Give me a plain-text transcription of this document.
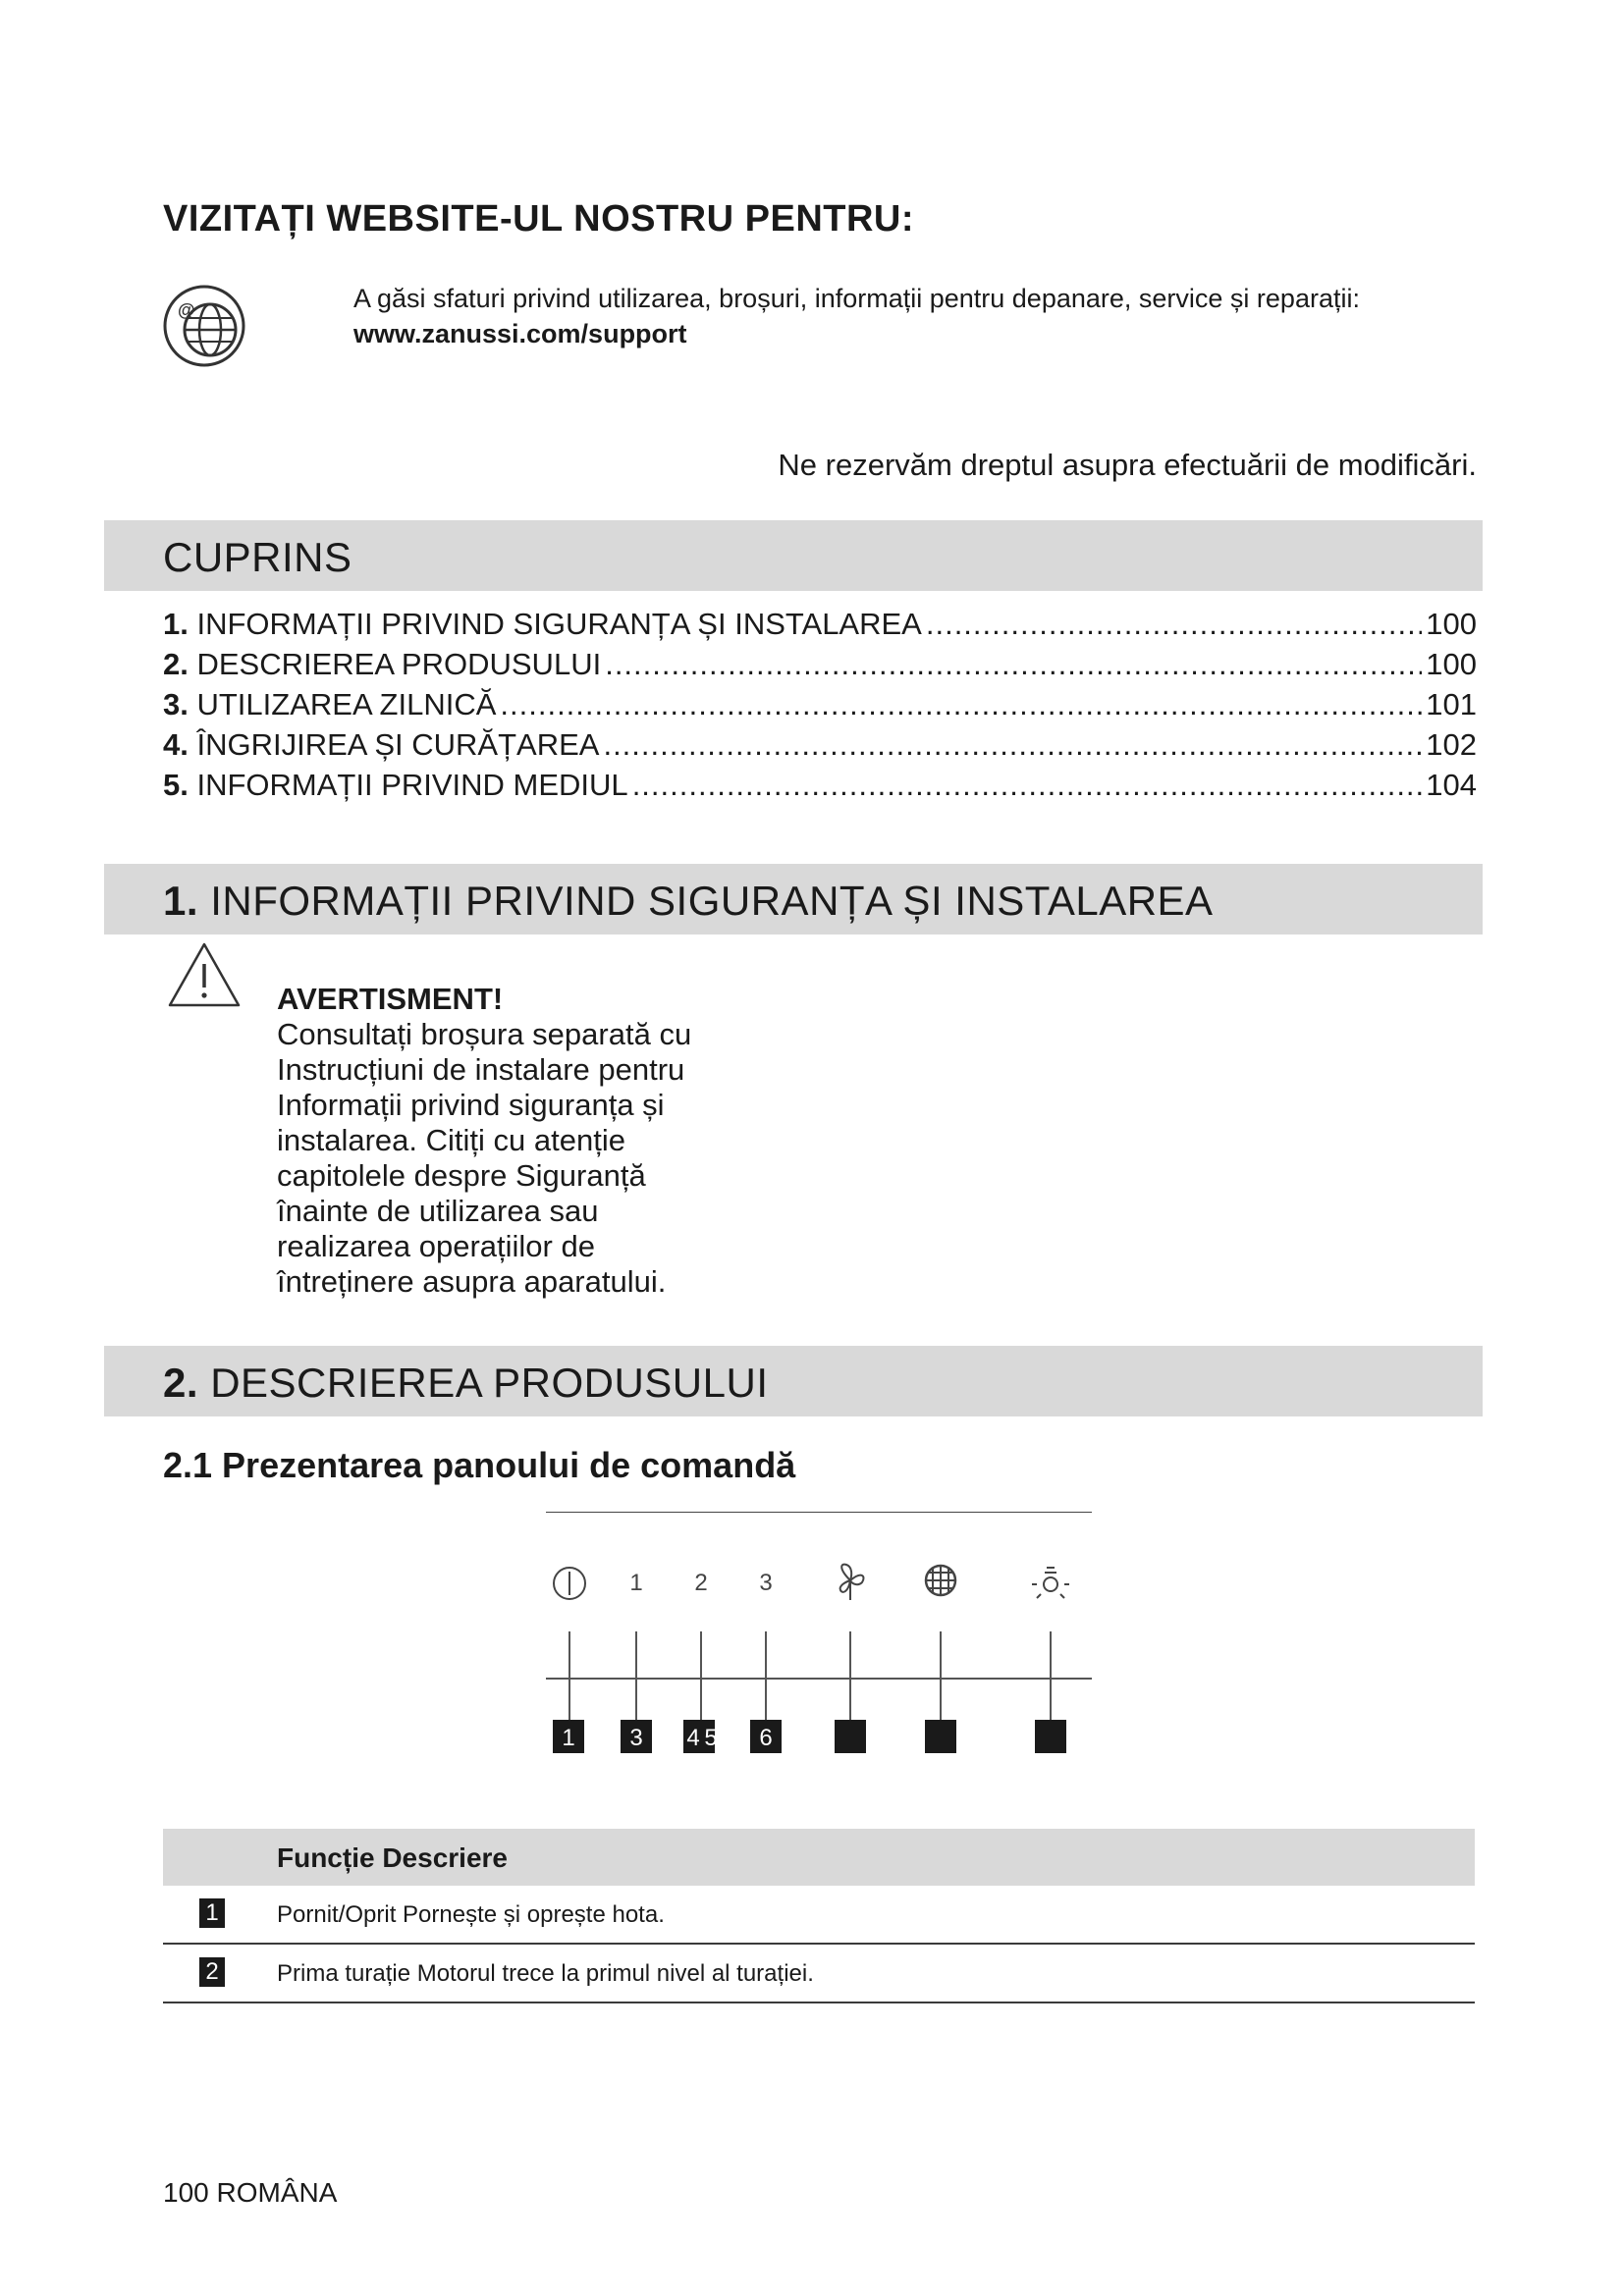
VIZITAȚI WEBSITE-UL NOSTRU PENTRU:
@	A găsi sfaturi privind utilizarea, broșuri, informații pentru depanare, service și reparații:
www.zanussi.com/support
Ne rezervăm dreptul asupra efectuării de modificări.
CUPRINS
1.
INFORMAȚII PRIVIND SIGURANȚA ȘI INSTALAREA .....	100
2.
DESCRIEREA PRODUSULUI .....	100
3.
UTILIZAREA ZILNICĂ .....	101
4.
ÎNGRIJIREA ȘI CURĂȚAREA .....	102
5.
INFORMAȚII PRIVIND MEDIUL .....	104
1. INFORMAȚII PRIVIND SIGURANȚA ȘI INSTALAREA
AVERTISMENT!
Consultați broșura separată cu Instrucțiuni de instalare pentru Informații privind siguranța și instalarea. Citiți cu atenție capitolele despre Siguranță înainte de utilizarea sau realizarea operațiilor de întreținere asupra aparatului.
2. DESCRIEREA PRODUSULUI
2.1 Prezentarea panoului de comandă
1 2 3
1 3 4 5 6
Funcție Descriere
1 Pornit/Oprit Pornește și oprește hota.
2 Prima turație Motorul trece la primul nivel al turației.
100 ROMÂNA
